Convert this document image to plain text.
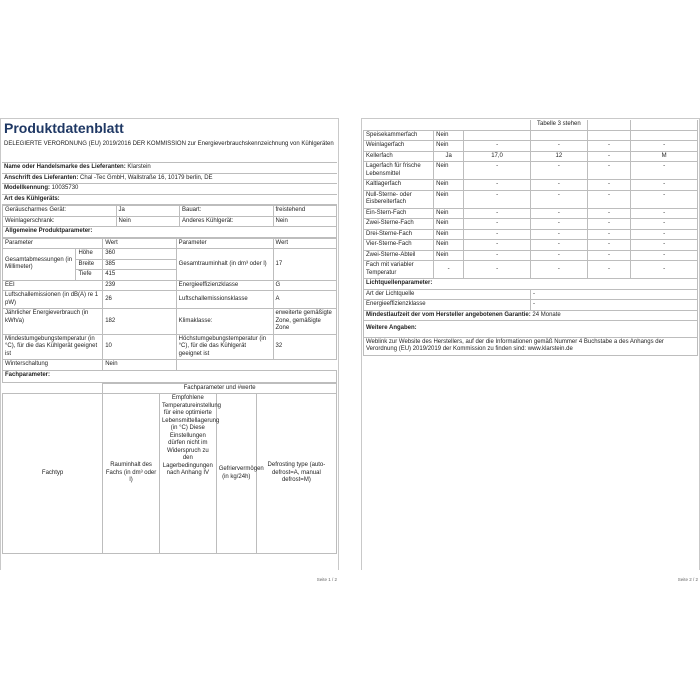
Produktdatenblatt
DELEGIERTE VERORDNUNG (EU) 2019/2016 DER KOMMISSION zur Energieverbrauchskennzeichnung von Kühlgeräten
Name oder Handelsmarke des Lieferanten: Klarstein
Anschrift des Lieferanten: Chal -Tec GmbH, Wallstraße 16, 10179 berlin, DE
Modellkennung: 10035730
Art des Kühlgeräts:
Geräuscharmes Gerät:	Ja	Bauart:	freistehend
Weinlagerschrank:	Nein	Anderes Kühlgerät:	Nein
Allgemeine Produktparameter:			
Parameter		Wert	Parameter	Wert
Gesamtabmessungen (in Millimeter)	Höhe	360	Gesamtrauminhalt (in dm³ oder l)	17
	Breite	385		
	Tiefe	415		
EEI		239	Energieeffizienzklasse	G
Luftschallemissionen (in dB(A) re 1 pW)		26	Luftschallemissionsklasse	A
Jährlicher Energieverbrauch (in kWh/a)		182	Klimaklasse:	erweiterte gemäßigte Zone, gemäßigte Zone
Mindestumgebungstemperatur (in °C), für die das Kühlgerät geeignet ist		10	Höchstumgebungstemperatur (in °C), für die das Kühlgerät geeignet ist	32
Winterschaltung		Nein		
Fachparameter:				
	Fachparameter und #werte			
Fachtyp	Rauminhalt des Fachs (in dm³ oder l)	Empfohlene Temperatureinstellung für eine optimierte Lebensmittellagerung (in °C) Diese Einstellungen dürfen nicht im Widerspruch zu den Lagerbedingungen nach Anhang IV	Gefriervermögen (in kg/24h)	Defrosting type (auto-defrost=A, manual defrost=M)
Seite 1 / 2
			Tabelle 3 stehen		
Speisekammerfach	Nein				
Weinlagerfach	Nein	-	-	-	-
Kellerfach	Ja	17,0	12	-	M
Lagerfach für frische Lebensmittel	Nein	-	-	-	-
Kaltlagerfach	Nein	-	-	-	-
Null-Sterne- oder Eisbereiterfach	Nein	-	-	-	-
Ein-Stern-Fach	Nein	-	-	-	-
Zwei-Sterne-Fach	Nein	-	-	-	-
Drei-Sterne-Fach	Nein	-	-	-	-
Vier-Sterne-Fach	Nein	-	-	-	-
Zwei-Sterne-Abteil	Nein	-	-	-	-
Fach mit variabler Temperatur	-	-	-	-	-
Lichtquellenparameter:					
Art der Lichtquelle			-		
Energieeffizienzklasse			-		
Mindestlaufzeit der vom Hersteller angebotenen Garantie: 24 Monate					
Weitere Angaben:					
Weblink zur Website des Herstellers, auf der die Informationen gemäß Nummer 4 Buchstabe a des Anhangs der Verordnung (EU) 2019/2019 der Kommission zu finden sind: www.klarstein.de					
Seite 2 / 2
